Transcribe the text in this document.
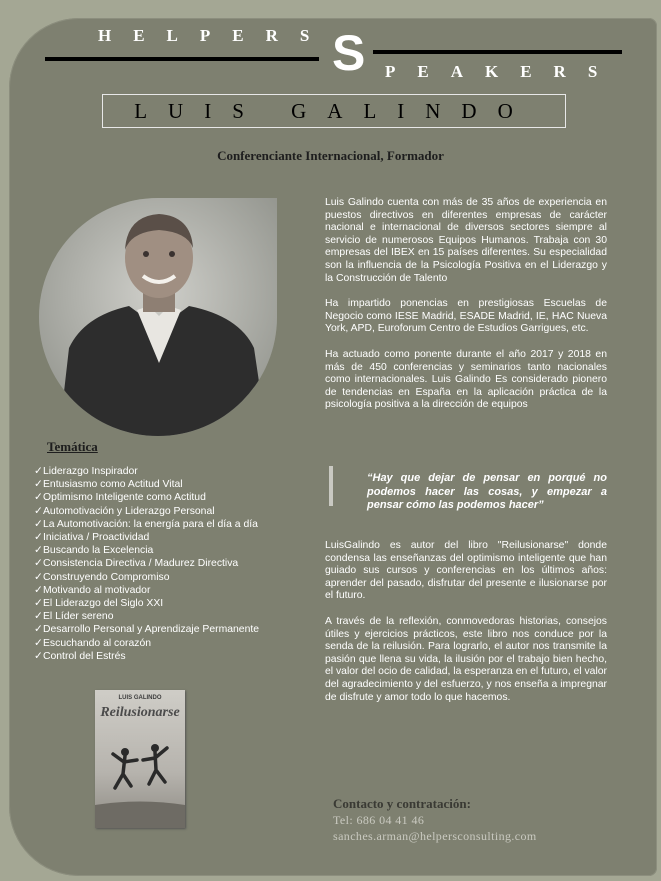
HELPERS S PEAKERS
LUIS GALINDO
Conferenciante Internacional, Formador

Luis Galindo cuenta con más de 35 años de experiencia en puestos directivos en diferentes empresas de carácter nacional e internacional de diversos sectores siempre al servicio de numerosos Equipos Humanos. Trabaja con 30 empresas del IBEX en 15 países diferentes. Su especialidad son la influencia de la Psicología Positiva en el Liderazgo y la Construcción de Talento

Ha impartido ponencias en prestigiosas Escuelas de Negocio como IESE Madrid, ESADE Madrid, IE, HAC Nueva York, APD, Euroforum Centro de Estudios Garrigues, etc.

Ha actuado como ponente durante el año 2017 y 2018 en más de 450 conferencias y seminarios tanto nacionales como internacionales. Luis Galindo Es considerado pionero de tendencias en España en la aplicación práctica de la psicología positiva a la dirección de equipos

“Hay que dejar de pensar en porqué no podemos hacer las cosas, y empezar a pensar cómo las podemos hacer”

LuisGalindo es autor del libro "Reilusionarse" donde condensa las enseñanzas del optimismo inteligente que han guiado sus cursos y conferencias en los últimos años: aprender del pasado, disfrutar del presente e ilusionarse por el futuro.

A través de la reflexión, conmovedoras historias, consejos útiles y ejercicios prácticos, este libro nos conduce por la senda de la reilusión. Para lograrlo, el autor nos transmite la pasión que llena su vida, la ilusión por el trabajo bien hecho, el valor del ocio de calidad, la esperanza en el futuro, el valor del agradecimiento y del esfuerzo, y nos enseña a impregnar de disfrute y amor todo lo que hacemos.

Temática
✓Liderazgo Inspirador
✓Entusiasmo como Actitud Vital
✓Optimismo Inteligente como Actitud
✓Automotivación y Liderazgo Personal
✓La Automotivación: la energía para el día a día
✓Iniciativa / Proactividad
✓Buscando la Excelencia
✓Consistencia Directiva / Madurez Directiva
✓Construyendo Compromiso
✓Motivando al motivador
✓El Liderazgo del Siglo XXI
✓El Líder sereno
✓Desarrollo Personal y Aprendizaje Permanente
✓Escuchando al corazón
✓Control del Estrés
LUIS GALINDO
Reilusionarse
Contacto y contratación:
Tel: 686 04 41 46
sanches.arman@helpersconsulting.com
